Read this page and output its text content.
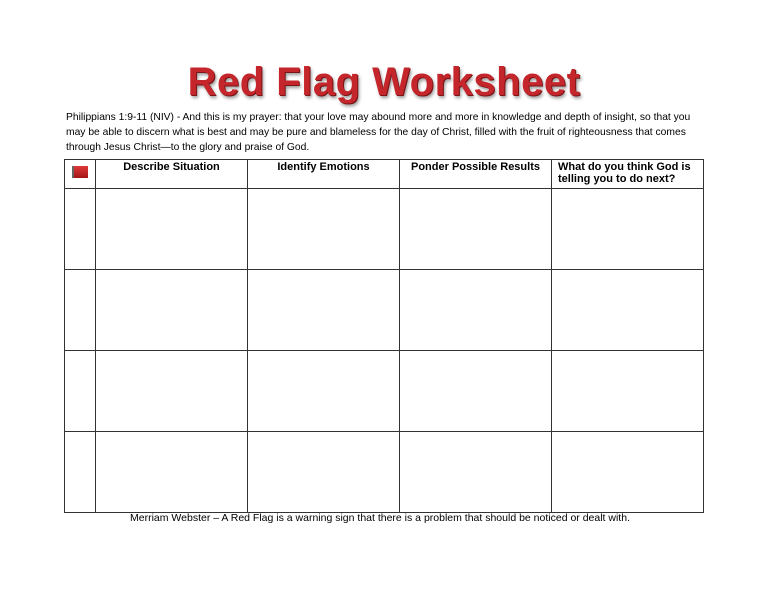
Red Flag Worksheet
Philippians 1:9-11 (NIV) - And this is my prayer: that your love may abound more and more in knowledge and depth of insight, so that you may be able to discern what is best and may be pure and blameless for the day of Christ, filled with the fruit of righteousness that comes through Jesus Christ—to the glory and praise of God.

	Describe Situation	Identify Emotions	Ponder Possible Results	What do you think God is telling you to do next?

Merriam Webster – A Red Flag is a warning sign that there is a problem that should be noticed or dealt with.
